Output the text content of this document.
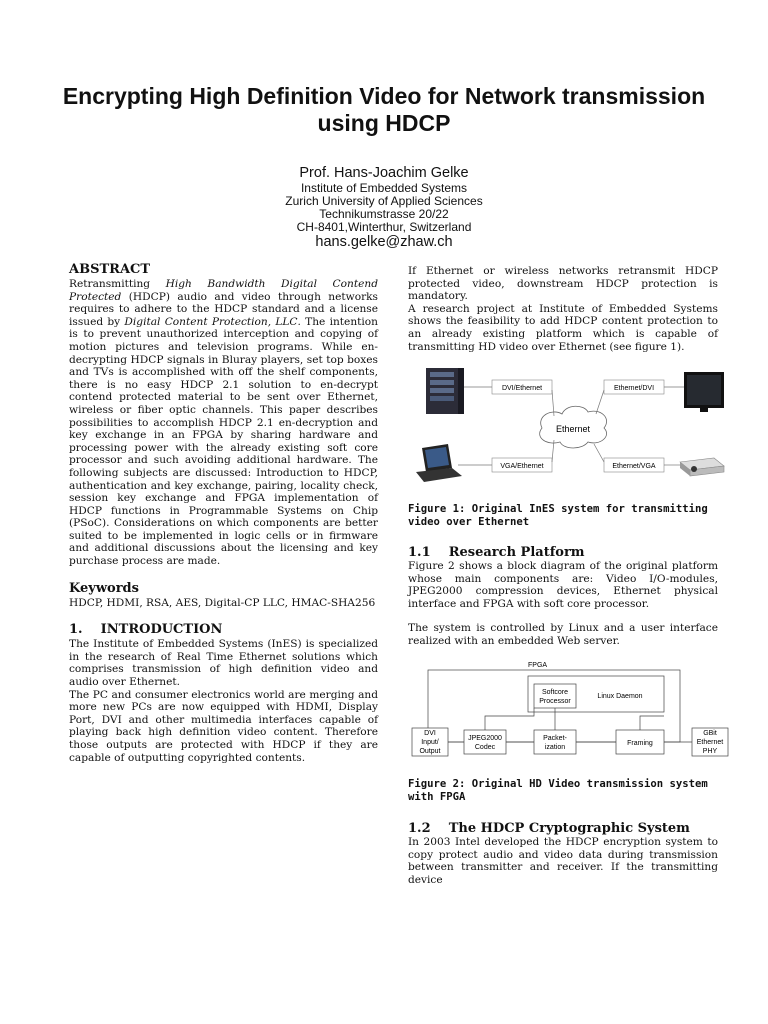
Encrypting High Definition Video for Network transmission using HDCP
Prof. Hans-Joachim Gelke
Institute of Embedded Systems
Zurich University of Applied Sciences
Technikumstrasse 20/22
CH-8401,Winterthur, Switzerland
hans.gelke@zhaw.ch
ABSTRACT

Retransmitting High Bandwidth Digital Contend Protected (HDCP) audio and video through networks requires to adhere to the HDCP standard and a license issued by Digital Content Protection, LLC. The intention is to prevent unauthorized interception and copying of motion pictures and television programs. While en- decrypting HDCP signals in Bluray players, set top boxes and TVs is accomplished with off the shelf components, there is no easy HDCP 2.1 solution to en-decrypt contend protected material to be sent over Ethernet, wireless or fiber optic channels. This paper describes possibilities to accomplish HDCP 2.1 en-decryption and key exchange in an FPGA by sharing hardware and processing power with the already existing soft core processor and such avoiding additional hardware. The following subjects are discussed: Introduction to HDCP, authentication and key exchange, pairing, locality check, session key exchange and FPGA implementation of HDCP functions in Programmable Systems on Chip (PSoC). Considerations on which components are better suited to be implemented in logic cells or in firmware and additional discussions about the licensing and key purchase process are made.

Keywords

HDCP, HDMI, RSA, AES, Digital-CP LLC, HMAC-SHA256

1.    INTRODUCTION

The Institute of Embedded Systems (InES) is specialized in the research of Real Time Ethernet solutions which comprises transmission of high definition video and audio over Ethernet.

The PC and consumer electronics world are merging and more new PCs are now equipped with HDMI, Display Port, DVI and other multimedia interfaces capable of playing back high definition video content. Therefore those outputs are protected with HDCP if they are capable of outputting copyrighted contents.

If Ethernet or wireless networks retransmit HDCP protected video, downstream HDCP protection is mandatory.

A research project at Institute of Embedded Systems shows the feasibility to add HDCP content protection to an already existing platform which is capable of transmitting HD video over Ethernet (see figure 1).

DVI/Ethernet	Ethernet/DVI
VGA/Ethernet	Ethernet/VGA
Ethernet
Figure 1: Original InES system for transmitting video over Ethernet
1.1    Research Platform

Figure 2 shows a block diagram of the original platform whose main components are: Video I/O-modules, JPEG2000 compression devices, Ethernet physical interface and FPGA with soft core processor.

The system is controlled by Linux and a user interface realized with an embedded Web server.

FPGA
Linux Daemon
Softcore
Processor
DVI
Input/
Output
JPEG2000
Codec
Packet-
ization
Framing
GBit
Ethernet
PHY
Figure 2: Original HD Video transmission system with FPGA
1.2    The HDCP Cryptographic System

In 2003 Intel developed the HDCP encryption system to copy protect audio and video data during transmission between transmitter and receiver. If the transmitting device
